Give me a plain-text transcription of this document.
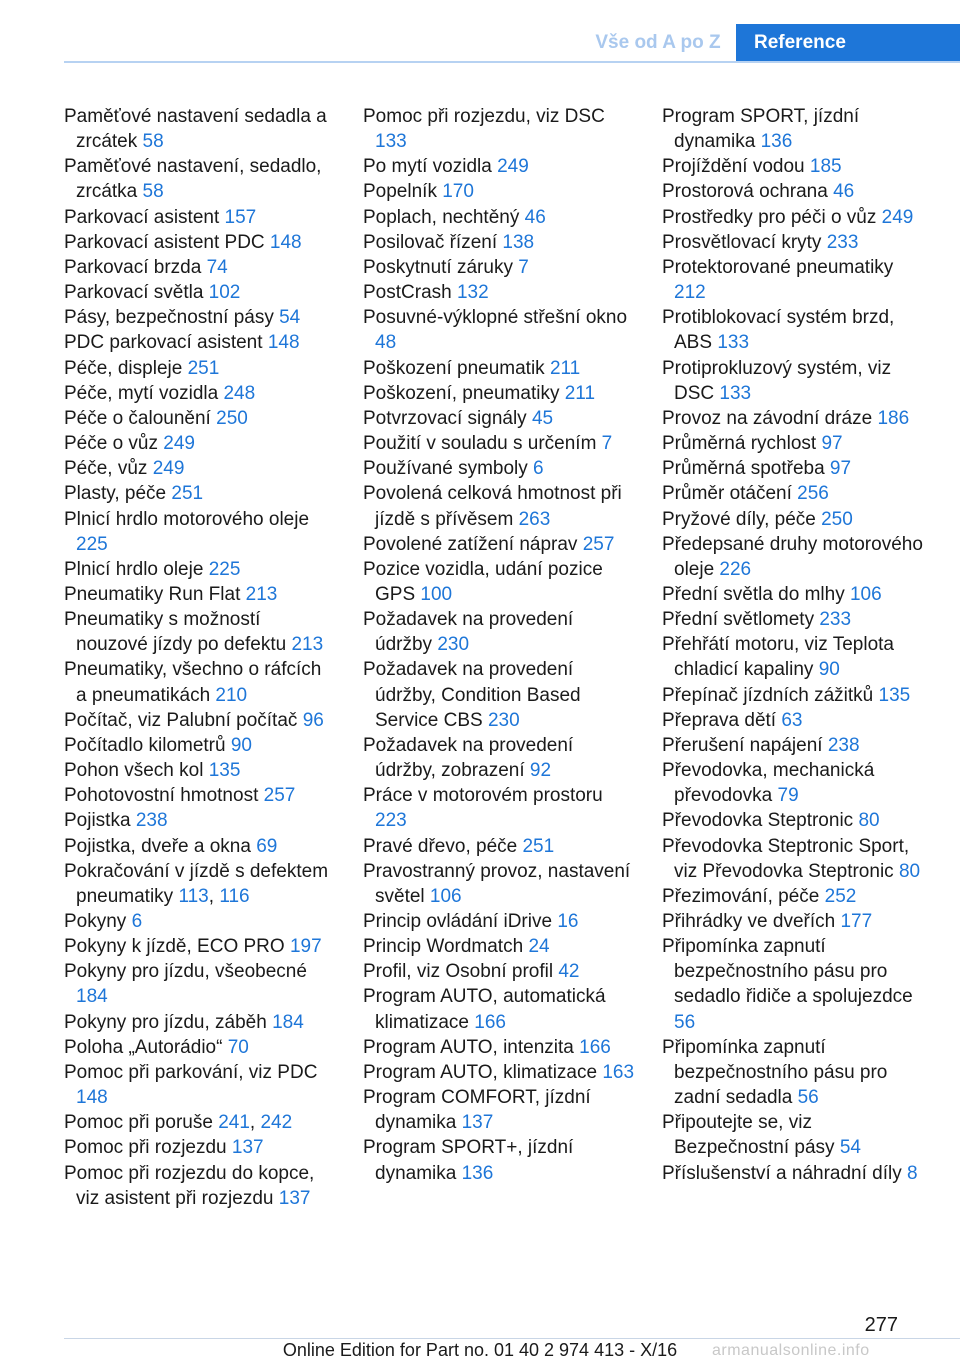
Vše od A po Z	Reference
Paměťové nastavení sedadla a zrcátek 58
Paměťové nastavení, sedadlo, zrcátka 58
Parkovací asistent 157
Parkovací asistent PDC 148
Parkovací brzda 74
Parkovací světla 102
Pásy, bezpečnostní pásy 54
PDC parkovací asistent 148
Péče, displeje 251
Péče, mytí vozidla 248
Péče o čalounění 250
Péče o vůz 249
Péče, vůz 249
Plasty, péče 251
Plnicí hrdlo motorového oleje 225
Plnicí hrdlo oleje 225
Pneumatiky Run Flat 213
Pneumatiky s možností nouzové jízdy po defektu 213
Pneumatiky, všechno o ráfcích a pneumatikách 210
Počítač, viz Palubní počítač 96
Počítadlo kilometrů 90
Pohon všech kol 135
Pohotovostní hmotnost 257
Pojistka 238
Pojistka, dveře a okna 69
Pokračování v jízdě s defektem pneumatiky 113, 116
Pokyny 6
Pokyny k jízdě, ECO PRO 197
Pokyny pro jízdu, všeobecné 184
Pokyny pro jízdu, záběh 184
Poloha „Autorádio“ 70
Pomoc při parkování, viz PDC 148
Pomoc při poruše 241, 242
Pomoc při rozjezdu 137
Pomoc při rozjezdu do kopce, viz asistent při rozjezdu 137
Pomoc při rozjezdu, viz DSC 133
Po mytí vozidla 249
Popelník 170
Poplach, nechtěný 46
Posilovač řízení 138
Poskytnutí záruky 7
PostCrash 132
Posuvné-výklopné střešní okno 48
Poškození pneumatik 211
Poškození, pneumatiky 211
Potvrzovací signály 45
Použití v souladu s určením 7
Používané symboly 6
Povolená celková hmotnost při jízdě s přívěsem 263
Povolené zatížení náprav 257
Pozice vozidla, udání pozice GPS 100
Požadavek na provedení údržby 230
Požadavek na provedení údržby, Condition Based Service CBS 230
Požadavek na provedení údržby, zobrazení 92
Práce v motorovém prostoru 223
Pravé dřevo, péče 251
Pravostranný provoz, nastavení světel 106
Princip ovládání iDrive 16
Princip Wordmatch 24
Profil, viz Osobní profil 42
Program AUTO, automatická klimatizace 166
Program AUTO, intenzita 166
Program AUTO, klimatizace 163
Program COMFORT, jízdní dynamika 137
Program SPORT+, jízdní dynamika 136
Program SPORT, jízdní dynamika 136
Projíždění vodou 185
Prostorová ochrana 46
Prostředky pro péči o vůz 249
Prosvětlovací kryty 233
Protektorované pneumatiky 212
Protiblokovací systém brzd, ABS 133
Protiprokluzový systém, viz DSC 133
Provoz na závodní dráze 186
Průměrná rychlost 97
Průměrná spotřeba 97
Průměr otáčení 256
Pryžové díly, péče 250
Předepsané druhy motorového oleje 226
Přední světla do mlhy 106
Přední světlomety 233
Přehřátí motoru, viz Teplota chladicí kapaliny 90
Přepínač jízdních zážitků 135
Přeprava dětí 63
Přerušení napájení 238
Převodovka, mechanická převodovka 79
Převodovka Steptronic 80
Převodovka Steptronic Sport, viz Převodovka Steptronic 80
Přezimování, péče 252
Přihrádky ve dveřích 177
Připomínka zapnutí bezpečnostního pásu pro sedadlo řidiče a spolujezdce 56
Připomínka zapnutí bezpečnostního pásu pro zadní sedadla 56
Připoutejte se, viz Bezpečnostní pásy 54
Příslušenství a náhradní díly 8
277
Online Edition for Part no. 01 40 2 974 413 - X/16	armanualsonline.info
